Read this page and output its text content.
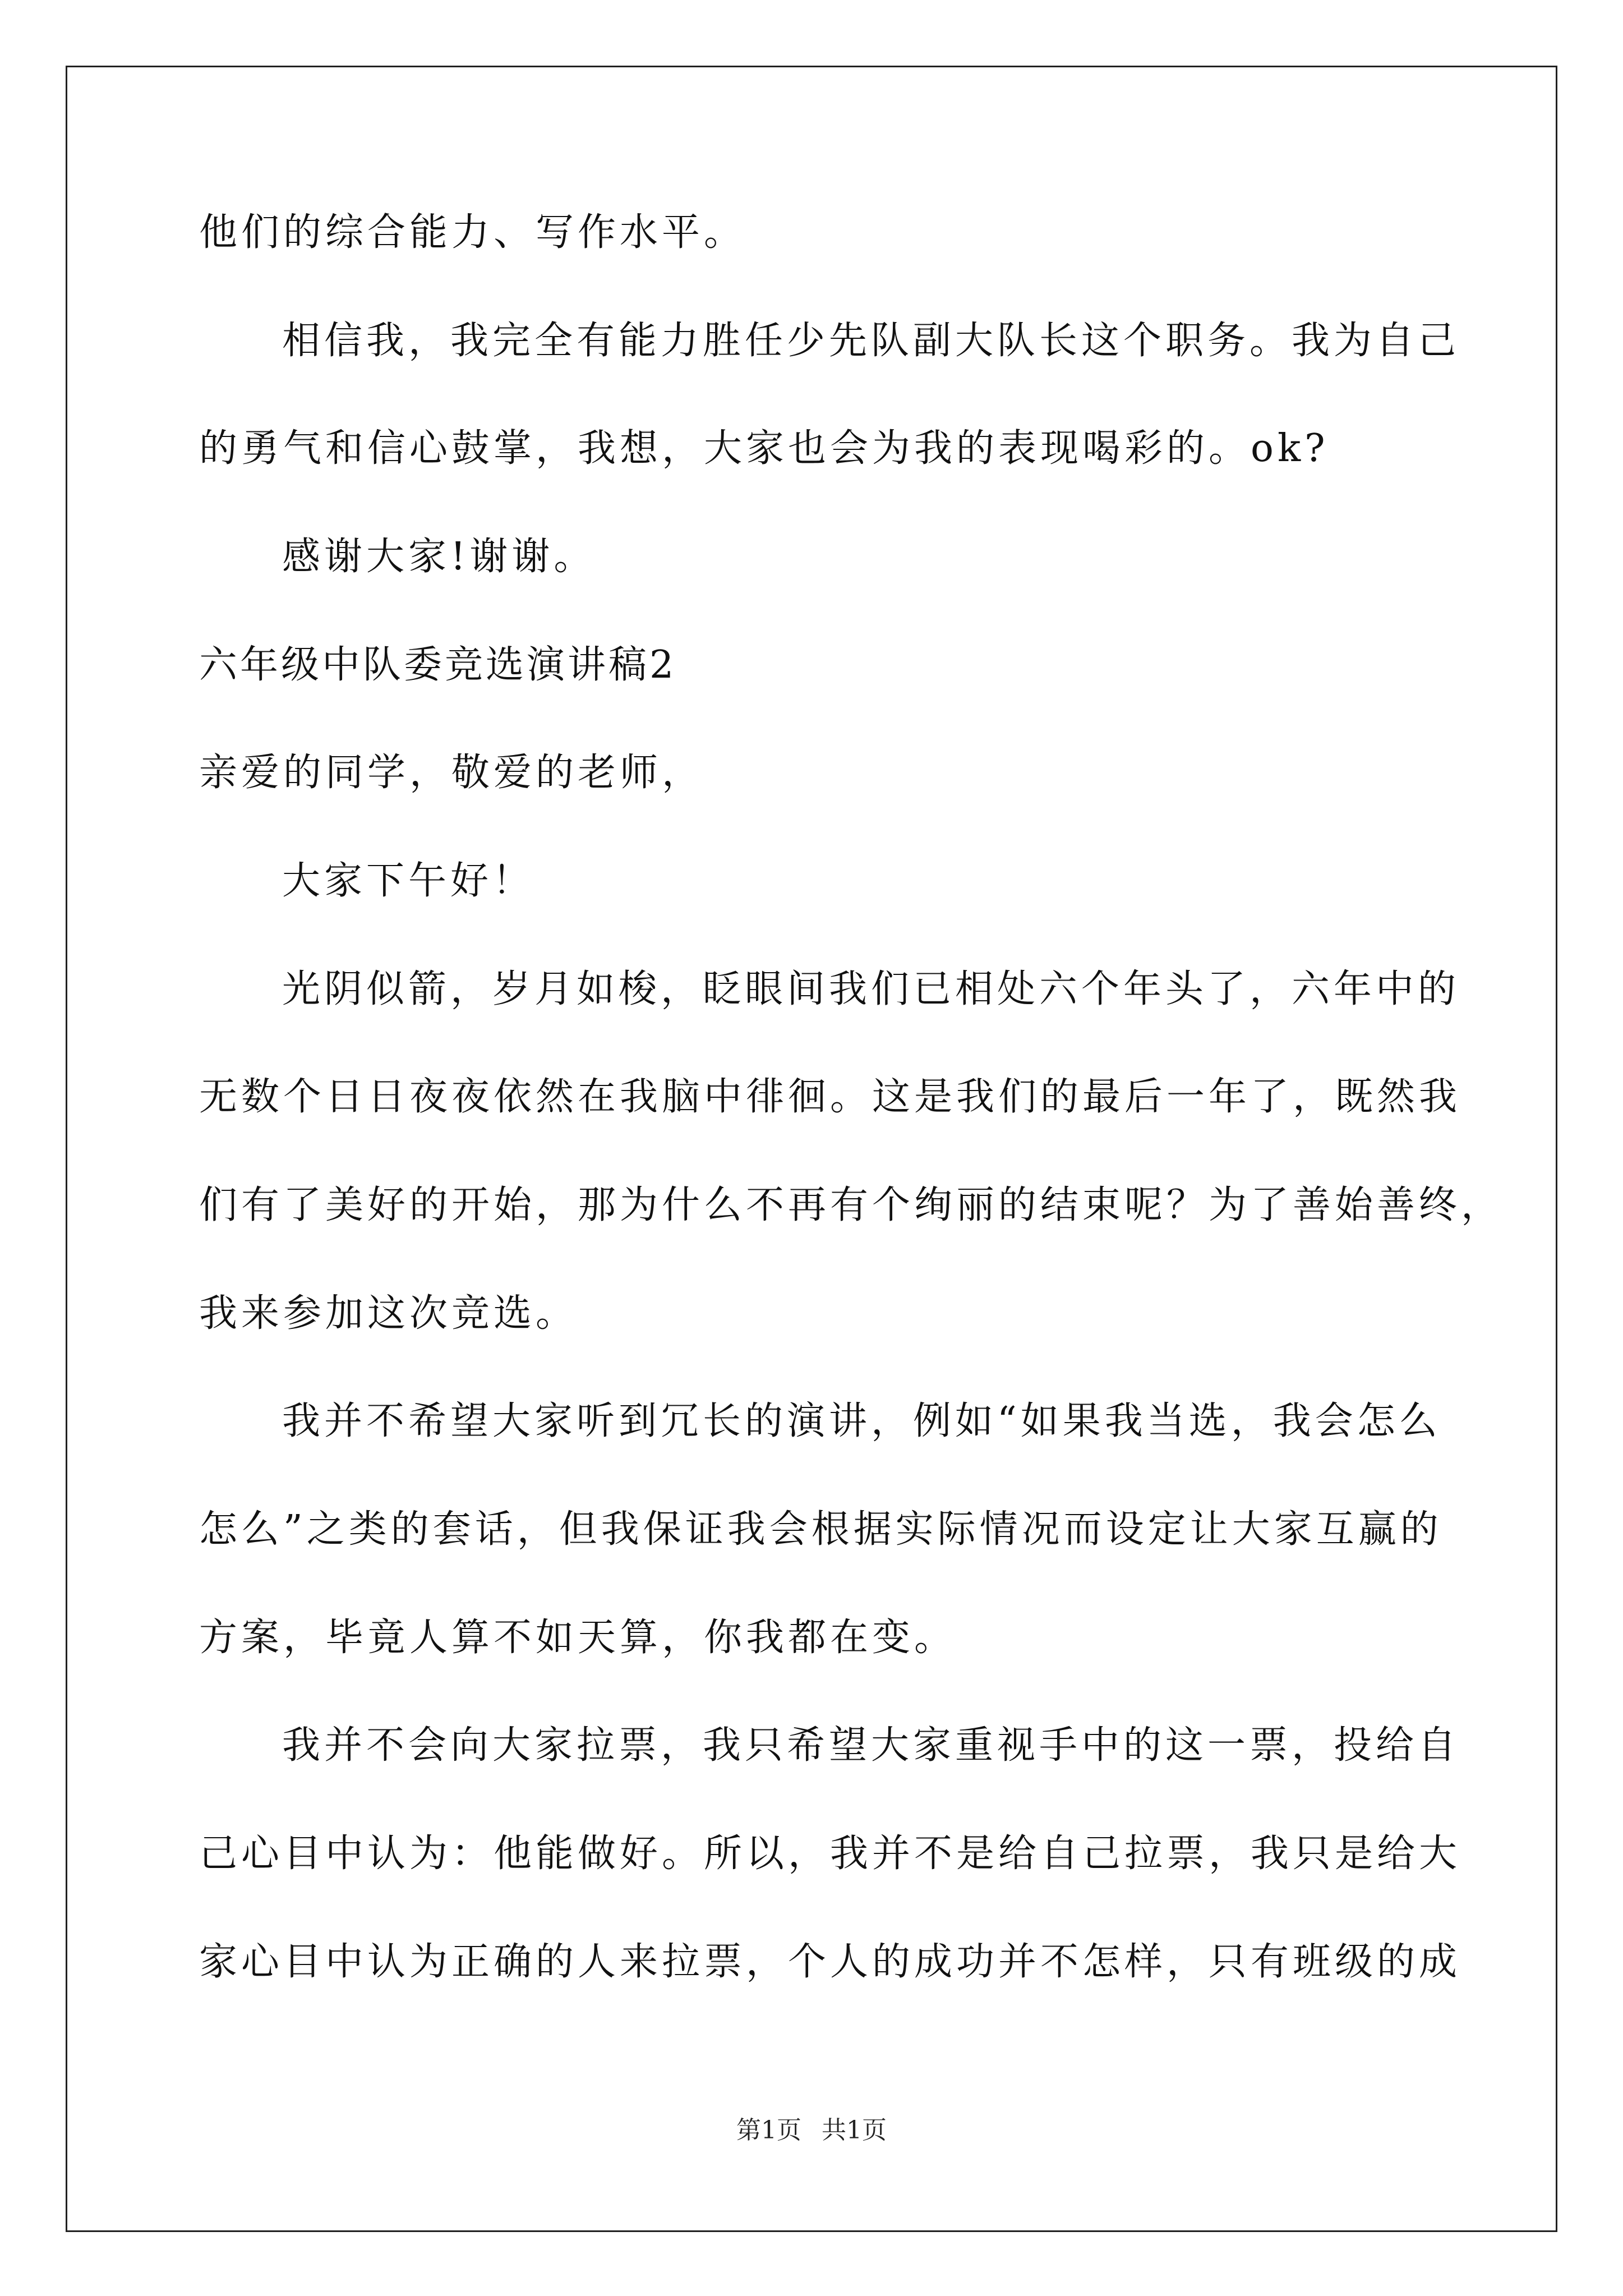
他们的综合能力、写作水平。
相信我，我完全有能力胜任少先队副大队长这个职务。我为自己
的勇气和信心鼓掌，我想，大家也会为我的表现喝彩的。ok?
感谢大家!谢谢。
六年级中队委竞选演讲稿2
亲爱的同学，敬爱的老师，
大家下午好！
光阴似箭，岁月如梭，眨眼间我们已相处六个年头了，六年中的
无数个日日夜夜依然在我脑中徘徊。这是我们的最后一年了，既然我
们有了美好的开始，那为什么不再有个绚丽的结束呢？为了善始善终，
我来参加这次竞选。
我并不希望大家听到冗长的演讲，例如“如果我当选，我会怎么
怎么”之类的套话，但我保证我会根据实际情况而设定让大家互赢的
方案，毕竟人算不如天算，你我都在变。
我并不会向大家拉票，我只希望大家重视手中的这一票，投给自
己心目中认为：他能做好。所以，我并不是给自己拉票，我只是给大
家心目中认为正确的人来拉票，个人的成功并不怎样，只有班级的成
第1页 共1页
